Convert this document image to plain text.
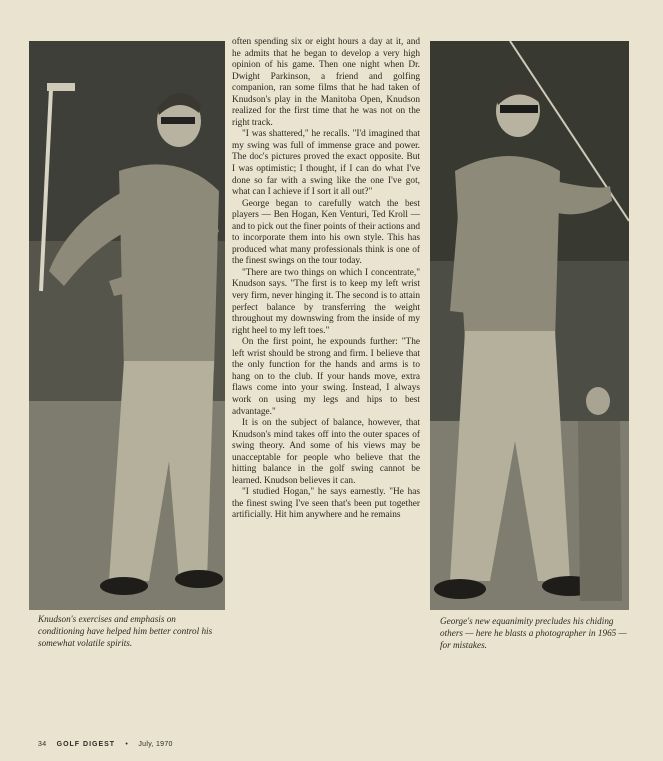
Knudson's exercises and emphasis on conditioning have helped him better control his somewhat volatile spirits.

often spending six or eight hours a day at it, and he admits that he began to develop a very high opinion of his game. Then one night when Dr. Dwight Parkinson, a friend and golfing companion, ran some films that he had taken of Knudson's play in the Manitoba Open, Knudson realized for the first time that he was not on the right track.

"I was shattered," he recalls. "I'd imagined that my swing was full of immense grace and power. The doc's pictures proved the exact opposite. But I was optimistic; I thought, if I can do what I've done so far with a swing like the one I've got, what can I achieve if I sort it all out?"

George began to carefully watch the best players — Ben Hogan, Ken Venturi, Ted Kroll — and to pick out the finer points of their actions and to incorporate them into his own style. This has produced what many professionals think is one of the finest swings on the tour today.

"There are two things on which I concentrate," Knudson says. "The first is to keep my left wrist very firm, never hinging it. The second is to attain perfect balance by transferring the weight throughout my downswing from the inside of my right heel to my left toes."

On the first point, he expounds further: "The left wrist should be strong and firm. I believe that the only function for the hands and arms is to hang on to the club. If your hands move, extra flaws come into your swing. Instead, I always work on using my legs and hips to best advantage."

It is on the subject of balance, however, that Knudson's mind takes off into the outer spaces of swing theory. And some of his views may be unacceptable for people who believe that the hitting balance in the golf swing cannot be learned. Knudson believes it can.

"I studied Hogan," he says earnestly. "He has the finest swing I've seen that's been put together artificially. Hit him anywhere and he remains

George's new equanimity precludes his chiding others — here he blasts a photographer in 1965 — for mistakes.
34 GOLF DIGEST • July, 1970
